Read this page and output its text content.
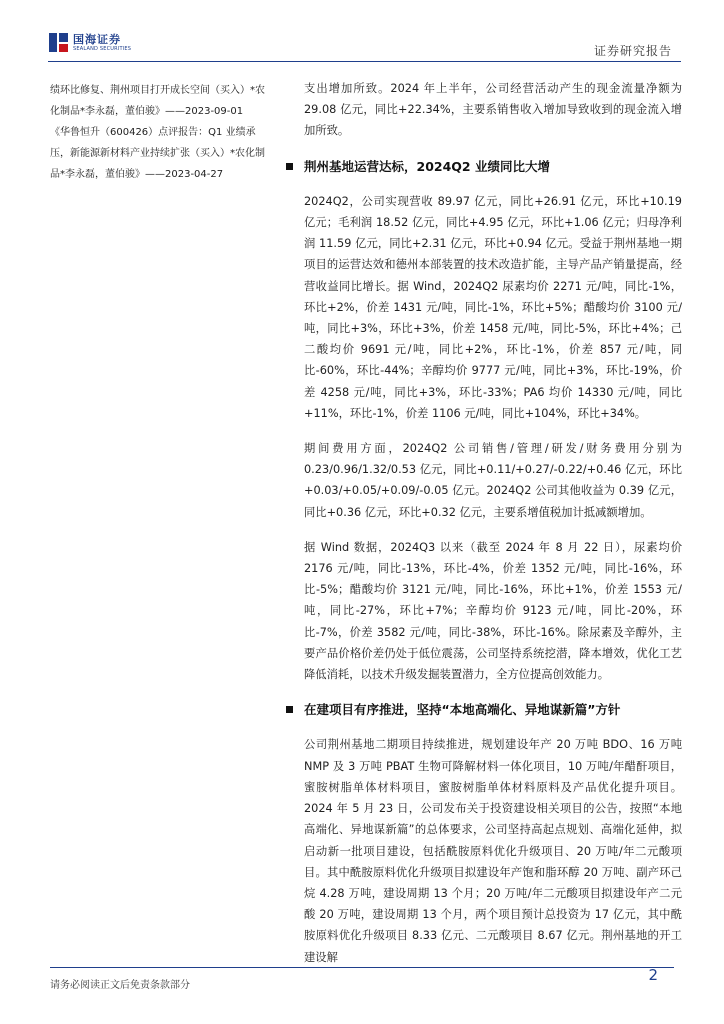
国海证券
SEALAND SECURITIES	证券研究报告

绩环比修复、荆州项目打开成长空间（买入）*农化制品*李永磊，董伯骏》——2023-09-01

《华鲁恒升（600426）点评报告：Q1 业绩承压，新能源新材料产业持续扩张（买入）*农化制品*李永磊，董伯骏》——2023-04-27

支出增加所致。2024 年上半年，公司经营活动产生的现金流量净额为 29.08 亿元，同比+22.34%，主要系销售收入增加导致收到的现金流入增加所致。

荆州基地运营达标，2024Q2 业绩同比大增

2024Q2，公司实现营收 89.97 亿元，同比+26.91 亿元，环比+10.19 亿元；毛利润 18.52 亿元，同比+4.95 亿元，环比+1.06 亿元；归母净利润 11.59 亿元，同比+2.31 亿元，环比+0.94 亿元。受益于荆州基地一期项目的运营达效和德州本部装置的技术改造扩能，主导产品产销量提高，经营收益同比增长。据 Wind，2024Q2 尿素均价 2271 元/吨，同比-1%，环比+2%，价差 1431 元/吨，同比-1%，环比+5%；醋酸均价 3100 元/吨，同比+3%，环比+3%，价差 1458 元/吨，同比-5%，环比+4%；己二酸均价 9691 元/吨，同比+2%，环比-1%，价差 857 元/吨，同比-60%，环比-44%；辛醇均价 9777 元/吨，同比+3%，环比-19%，价差 4258 元/吨，同比+3%，环比-33%；PA6 均价 14330 元/吨，同比+11%，环比-1%，价差 1106 元/吨，同比+104%，环比+34%。

期间费用方面，2024Q2 公司销售/管理/研发/财务费用分别为 0.23/0.96/1.32/0.53 亿元，同比+0.11/+0.27/-0.22/+0.46 亿元，环比+0.03/+0.05/+0.09/-0.05 亿元。2024Q2 公司其他收益为 0.39 亿元，同比+0.36 亿元，环比+0.32 亿元，主要系增值税加计抵减额增加。

据 Wind 数据，2024Q3 以来（截至 2024 年 8 月 22 日），尿素均价 2176 元/吨，同比-13%，环比-4%，价差 1352 元/吨，同比-16%，环比-5%；醋酸均价 3121 元/吨，同比-16%，环比+1%，价差 1553 元/吨，同比-27%，环比+7%；辛醇均价 9123 元/吨，同比-20%，环比-7%，价差 3582 元/吨，同比-38%，环比-16%。除尿素及辛醇外，主要产品价格价差仍处于低位震荡，公司坚持系统挖潜，降本增效，优化工艺降低消耗，以技术升级发掘装置潜力，全方位提高创效能力。

在建项目有序推进，坚持“本地高端化、异地谋新篇”方针

公司荆州基地二期项目持续推进，规划建设年产 20 万吨 BDO、16 万吨 NMP 及 3 万吨 PBAT 生物可降解材料一体化项目，10 万吨/年醋酐项目，蜜胺树脂单体材料项目，蜜胺树脂单体材料原料及产品优化提升项目。2024 年 5 月 23 日，公司发布关于投资建设相关项目的公告，按照“本地高端化、异地谋新篇”的总体要求，公司坚持高起点规划、高端化延伸，拟启动新一批项目建设，包括酰胺原料优化升级项目、20 万吨/年二元酸项目。其中酰胺原料优化升级项目拟建设年产饱和脂环醇 20 万吨、副产环己烷 4.28 万吨，建设周期 13 个月；20 万吨/年二元酸项目拟建设年产二元酸 20 万吨，建设周期 13 个月，两个项目预计总投资为 17 亿元，其中酰胺原料优化升级项目 8.33 亿元、二元酸项目 8.67 亿元。荆州基地的开工建设解

请务必阅读正文后免责条款部分
2
